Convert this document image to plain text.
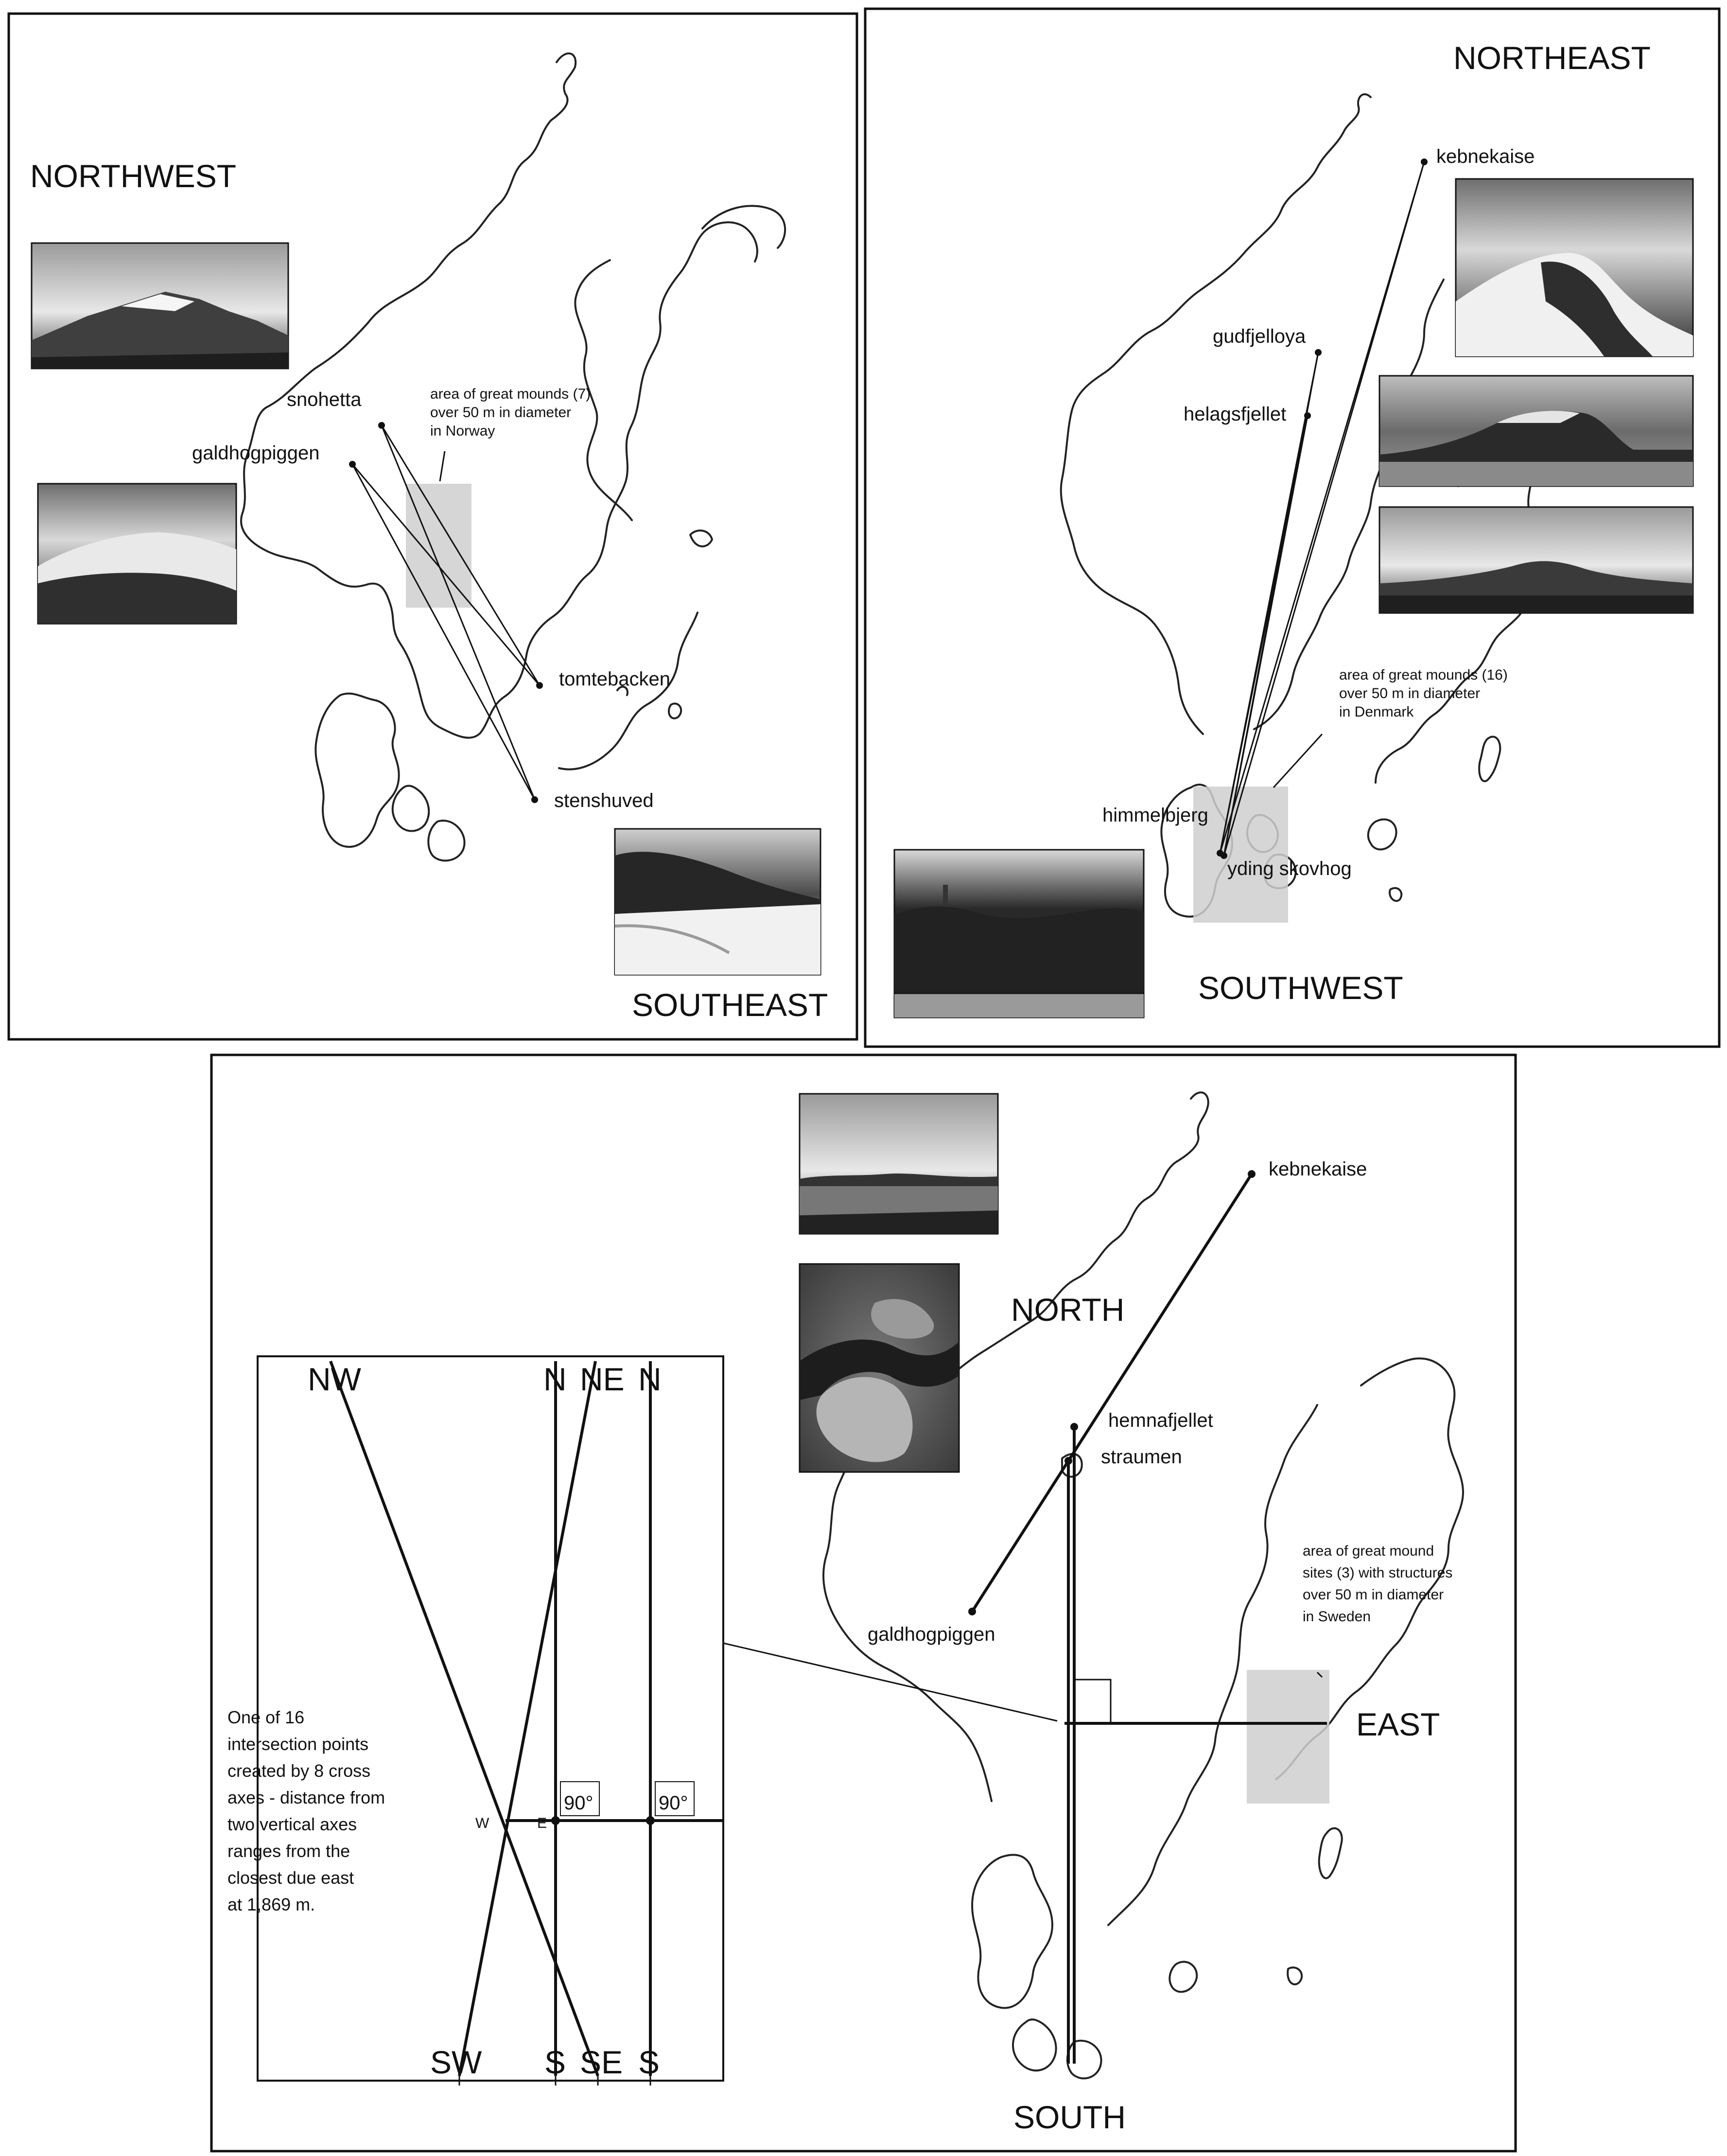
NORTHWEST
SOUTHEAST
snohetta
galdhogpiggen
tomtebacken
stenshuved
area of great mounds (7)
over 50 m in diameter
in Norway
NORTHEAST
SOUTHWEST
kebnekaise
gudfjelloya
helagsfjellet
himmelbjerg
yding skovhog
area of great mounds (16)
over 50 m in diameter
in Denmark
NORTH
SOUTH
EAST
kebnekaise
hemnafjellet
straumen
galdhogpiggen
area of great mound
sites (3) with structures
over 50 m in diameter
in Sweden
NW	N NE N
SW S SE S
90°	90°
W	E
One of 16
intersection points
created by 8 cross
axes - distance from
two vertical axes
ranges from the
closest due east
at 1,869 m.
